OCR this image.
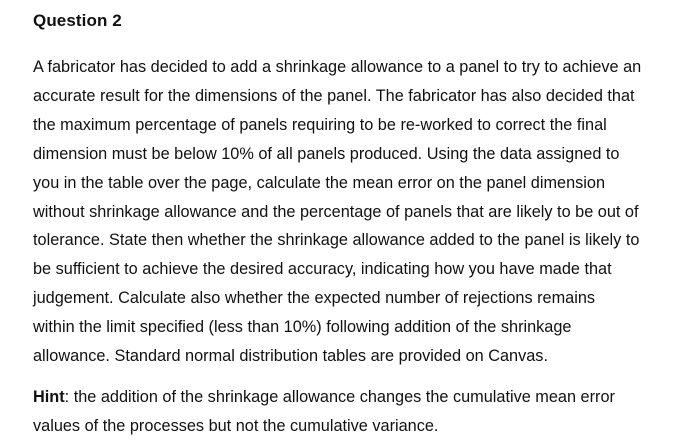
Question 2
A fabricator has decided to add a shrinkage allowance to a panel to try to achieve an
accurate result for the dimensions of the panel. The fabricator has also decided that
the maximum percentage of panels requiring to be re-worked to correct the final
dimension must be below 10% of all panels produced. Using the data assigned to
you in the table over the page, calculate the mean error on the panel dimension
without shrinkage allowance and the percentage of panels that are likely to be out of
tolerance. State then whether the shrinkage allowance added to the panel is likely to
be sufficient to achieve the desired accuracy, indicating how you have made that
judgement. Calculate also whether the expected number of rejections remains
within the limit specified (less than 10%) following addition of the shrinkage
allowance. Standard normal distribution tables are provided on Canvas.
Hint: the addition of the shrinkage allowance changes the cumulative mean error
values of the processes but not the cumulative variance.
